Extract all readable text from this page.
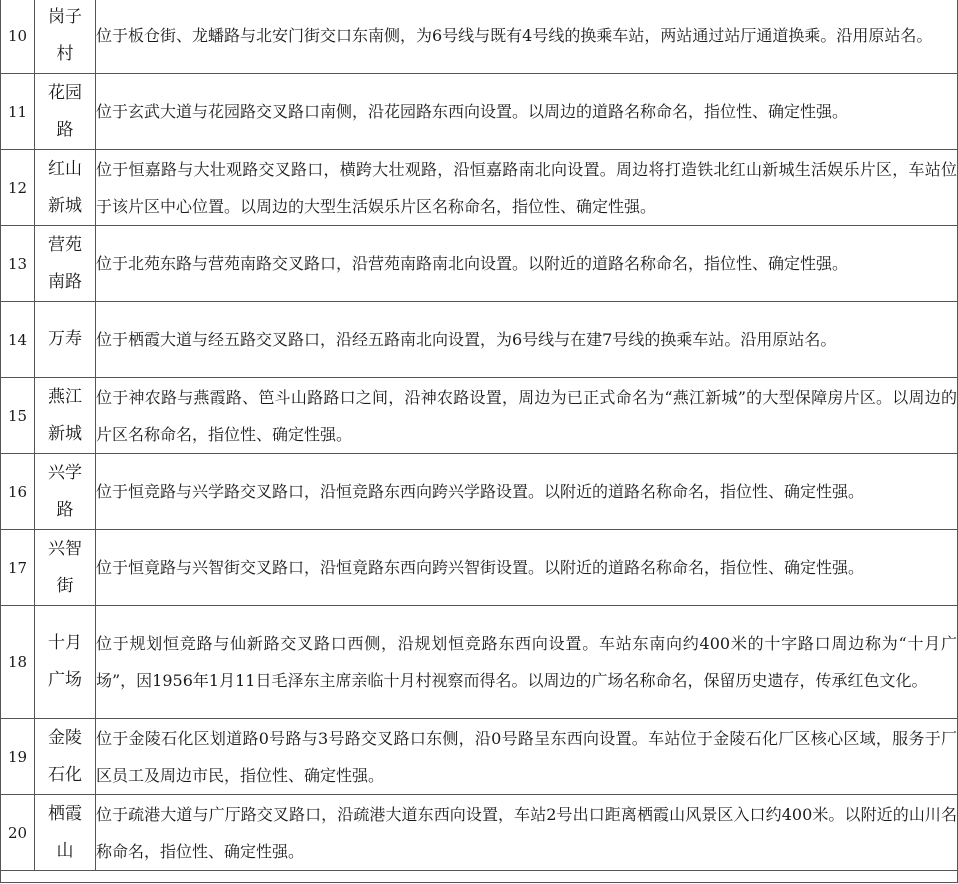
10	岗子村	位于板仓街、龙蟠路与北安门街交口东南侧，为6号线与既有4号线的换乘车站，两站通过站厅通道换乘。沿用原站名。
11	花园路	位于玄武大道与花园路交叉路口南侧，沿花园路东西向设置。以周边的道路名称命名，指位性、确定性强。
12	红山新城	位于恒嘉路与大壮观路交叉路口，横跨大壮观路，沿恒嘉路南北向设置。周边将打造铁北红山新城生活娱乐片区，车站位于该片区中心位置。以周边的大型生活娱乐片区名称命名，指位性、确定性强。
13	营苑南路	位于北苑东路与营苑南路交叉路口，沿营苑南路南北向设置。以附近的道路名称命名，指位性、确定性强。
14	万寿	位于栖霞大道与经五路交叉路口，沿经五路南北向设置，为6号线与在建7号线的换乘车站。沿用原站名。
15	燕江新城	位于神农路与燕霞路、笆斗山路路口之间，沿神农路设置，周边为已正式命名为“燕江新城”的大型保障房片区。以周边的片区名称命名，指位性、确定性强。
16	兴学路	位于恒竞路与兴学路交叉路口，沿恒竞路东西向跨兴学路设置。以附近的道路名称命名，指位性、确定性强。
17	兴智街	位于恒竟路与兴智街交叉路口，沿恒竟路东西向跨兴智街设置。以附近的道路名称命名，指位性、确定性强。
18	十月广场	位于规划恒竞路与仙新路交叉路口西侧，沿规划恒竞路东西向设置。车站东南向约400米的十字路口周边称为“十月广场”，因1956年1月11日毛泽东主席亲临十月村视察而得名。以周边的广场名称命名，保留历史遗存，传承红色文化。
19	金陵石化	位于金陵石化区划道路0号路与3号路交叉路口东侧，沿0号路呈东西向设置。车站位于金陵石化厂区核心区域，服务于厂区员工及周边市民，指位性、确定性强。
20	栖霞山	位于疏港大道与广厅路交叉路口，沿疏港大道东西向设置，车站2号出口距离栖霞山风景区入口约400米。以附近的山川名称命名，指位性、确定性强。
